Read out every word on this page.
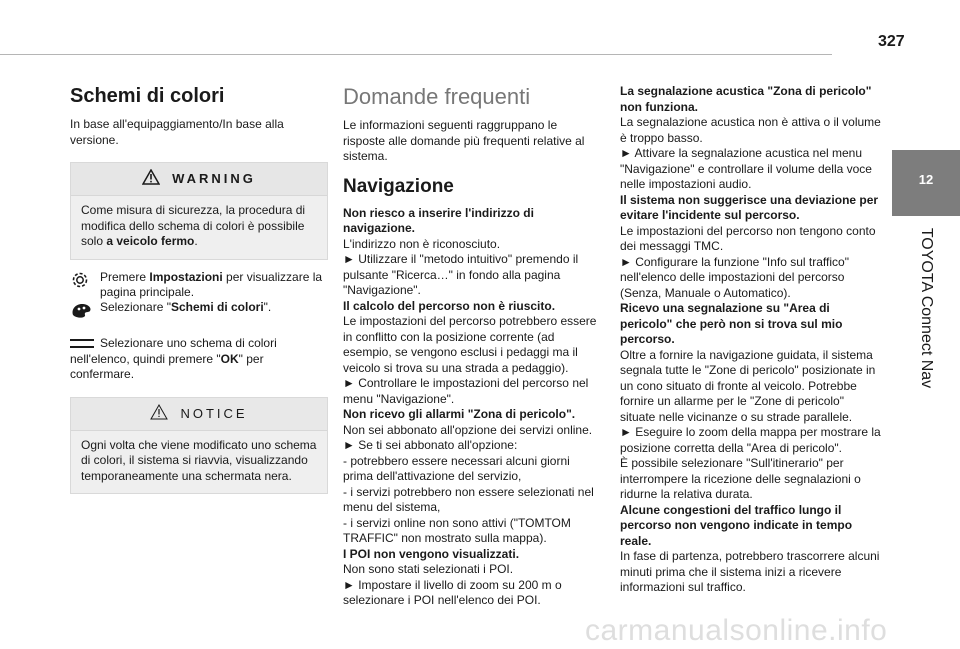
327
12
TOYOTA Connect Nav
Schemi di colori

In base all'equipaggiamento/In base alla versione.

WARNING
Come misura di sicurezza, la procedura di modifica dello schema di colori è possibile solo a veicolo fermo.

Premere Impostazioni per visualizzare la pagina principale.

Selezionare "Schemi di colori".

Selezionare uno schema di colori nell'elenco, quindi premere "OK" per confermare.

NOTICE
Ogni volta che viene modificato uno schema di colori, il sistema si riavvia, visualizzando temporaneamente una schermata nera.
Domande frequenti

Le informazioni seguenti raggruppano le risposte alle domande più frequenti relative al sistema.

Navigazione

Non riesco a inserire l'indirizzo di navigazione.

L'indirizzo non è riconosciuto.

► Utilizzare il "metodo intuitivo" premendo il pulsante "Ricerca…" in fondo alla pagina "Navigazione".

Il calcolo del percorso non è riuscito.

Le impostazioni del percorso potrebbero essere in conflitto con la posizione corrente (ad esempio, se vengono esclusi i pedaggi ma il veicolo si trova su una strada a pedaggio).

► Controllare le impostazioni del percorso nel menu "Navigazione".

Non ricevo gli allarmi "Zona di pericolo".

Non sei abbonato all'opzione dei servizi online.

► Se ti sei abbonato all'opzione:

- potrebbero essere necessari alcuni giorni prima dell'attivazione del servizio,

- i servizi potrebbero non essere selezionati nel menu del sistema,

- i servizi online non sono attivi ("TOMTOM TRAFFIC" non mostrato sulla mappa).

I POI non vengono visualizzati.

Non sono stati selezionati i POI.

► Impostare il livello di zoom su 200 m o selezionare i POI nell'elenco dei POI.

La segnalazione acustica "Zona di pericolo" non funziona.

La segnalazione acustica non è attiva o il volume è troppo basso.

► Attivare la segnalazione acustica nel menu "Navigazione" e controllare il volume della voce nelle impostazioni audio.

Il sistema non suggerisce una deviazione per evitare l'incidente sul percorso.

Le impostazioni del percorso non tengono conto dei messaggi TMC.

► Configurare la funzione "Info sul traffico" nell'elenco delle impostazioni del percorso (Senza, Manuale o Automatico).

Ricevo una segnalazione su "Area di pericolo" che però non si trova sul mio percorso.

Oltre a fornire la navigazione guidata, il sistema segnala tutte le "Zone di pericolo" posizionate in un cono situato di fronte al veicolo. Potrebbe fornire un allarme per le "Zone di pericolo" situate nelle vicinanze o su strade parallele.

► Eseguire lo zoom della mappa per mostrare la posizione corretta della "Area di pericolo".

È possibile selezionare "Sull'itinerario" per interrompere la ricezione delle segnalazioni o ridurne la relativa durata.

Alcune congestioni del traffico lungo il percorso non vengono indicate in tempo reale.

In fase di partenza, potrebbero trascorrere alcuni minuti prima che il sistema inizi a ricevere informazioni sul traffico.

carmanualsonline.info
